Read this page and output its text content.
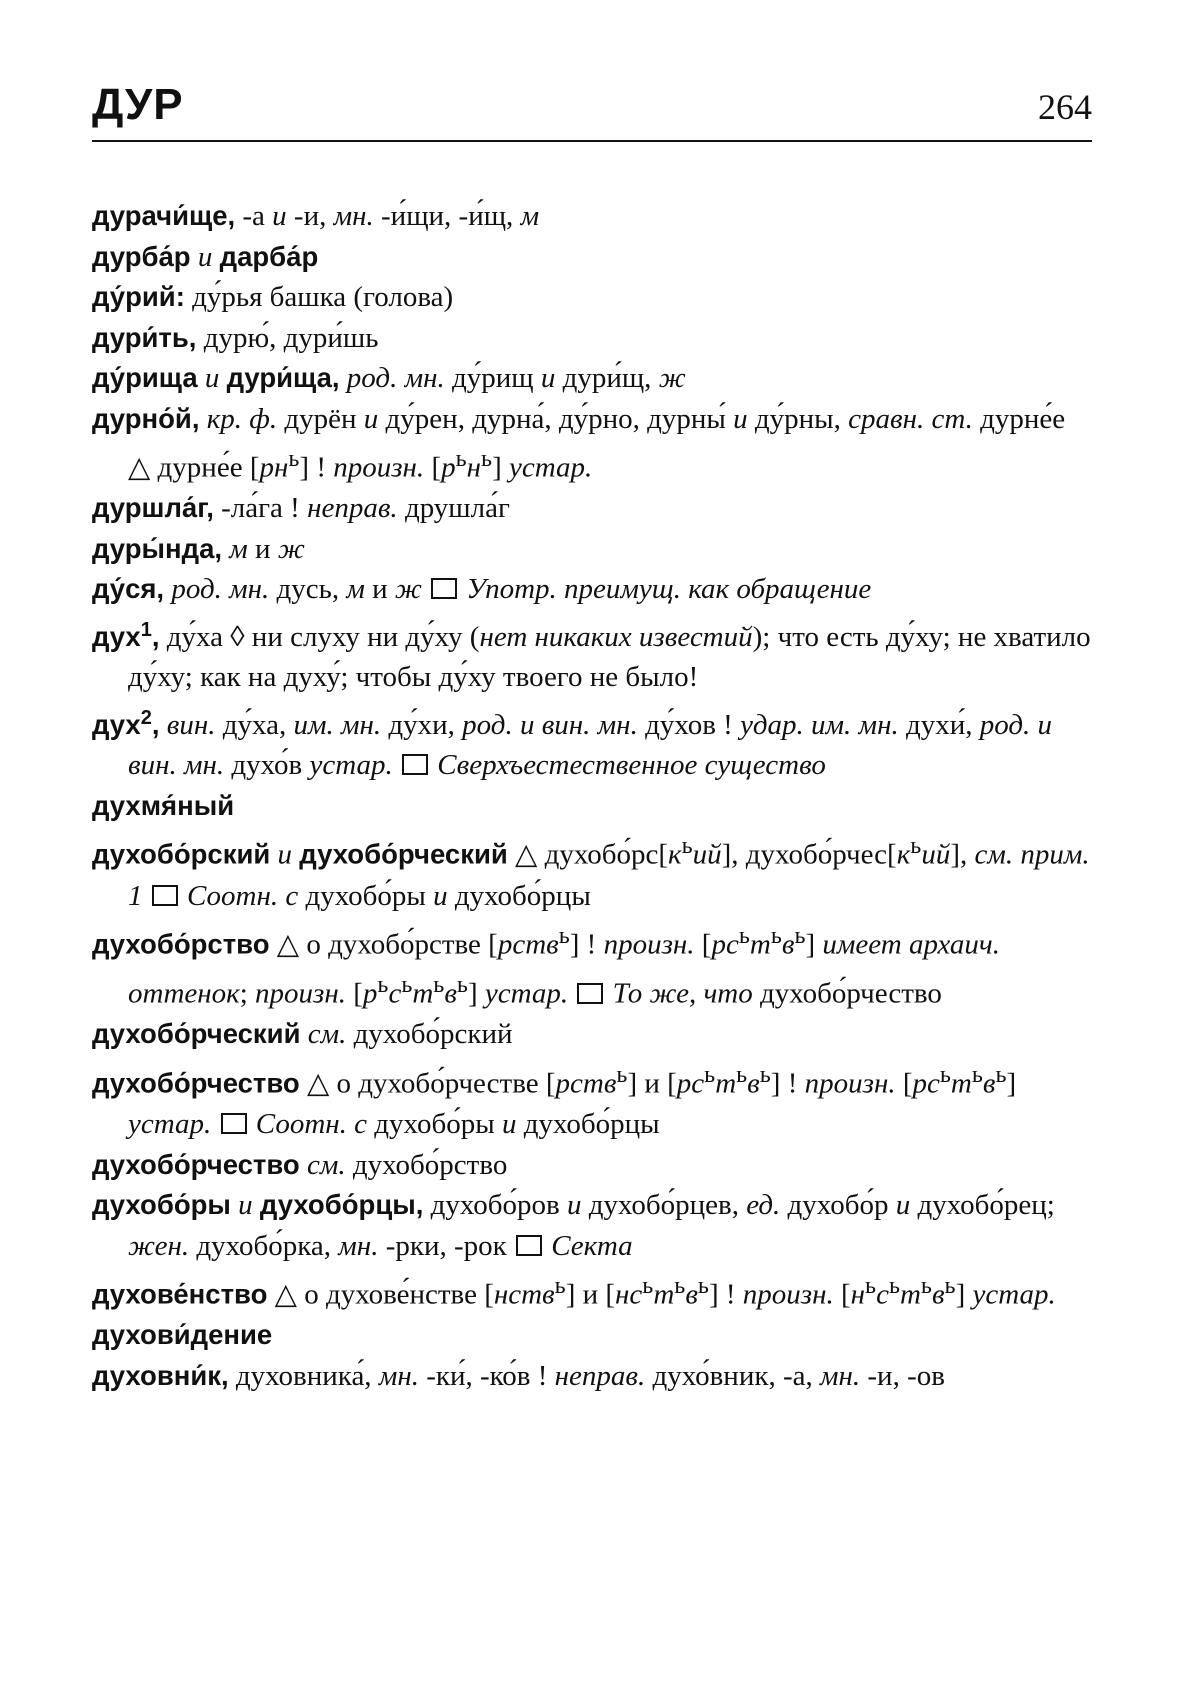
ДУР	264
дурачи́ще, -а и -и, мн. -и́щи, -и́щ, м
дурба́р и дарба́р
ду́рий: ду́рья башка (голова)
дури́ть, дурю́, дури́шь
ду́рища и дури́ща, род. мн. ду́рищ и дури́щ, ж
дурно́й, кр. ф. дурён и ду́рен, дурна́, ду́рно, дурны́ и ду́рны, сравн. ст. дурне́е △ дурне́е $[рн^ь]$ ! произн. $[р^ьн^ь]$ устар.
дуршла́г, -ла́га ! неправ. друшла́г
дуры́нда, м и ж
ду́ся, род. мн. дусь, м и ж Употр. преимущ. как обращение
дух$^1$, ду́ха ◊ ни слуху ни ду́ху (нет никаких известий); что есть ду́ху; не хватило ду́ху; как на духу́; чтобы ду́ху твоего не было!
дух$^2$, вин. ду́ха, им. мн. ду́хи, род. и вин. мн. ду́хов ! удар. им. мн. духи́, род. и вин. мн. духо́в устар. Сверхъестественное существо
духмя́ный
духобо́рский и духобо́рческий △ $духобо́рс[к^ьий]$, $духобо́рчес[к^ьий]$, см. прим. 1 Соотн. с духобо́ры и духобо́рцы
духобо́рство △ о духобо́рстве [рств$^ь$] ! произн. $[рс^ьт^ьв^ь]$ имеет архаич. оттенок; произн. $[р^ьс^ьт^ьв^ь]$ устар. То же, что духобо́рчество
духобо́рческий см. духобо́рский
духобо́рчество △ о духобо́рчестве [рств$^ь$] и $[рс^ьт^ьв^ь]$ ! произн. $[рс^ьт^ьв^ь]$ устар. Соотн. с духобо́ры и духобо́рцы
духобо́рчество см. духобо́рство
духобо́ры и духобо́рцы, духобо́ров и духобо́рцев, ед. духобо́р и духобо́рец; жен. духобо́рка, мн. -рки, -рок  Секта
духове́нство △ о духове́нстве [нств$^ь$] и $[нс^ьт^ьв^ь]$ ! произн. $[н^ьс^ьт^ьв^ь]$ устар.
духови́дение
духовни́к, духовника́, мн. -ки́, -ко́в ! неправ. духо́вник, -а, мн. -и, -ов
